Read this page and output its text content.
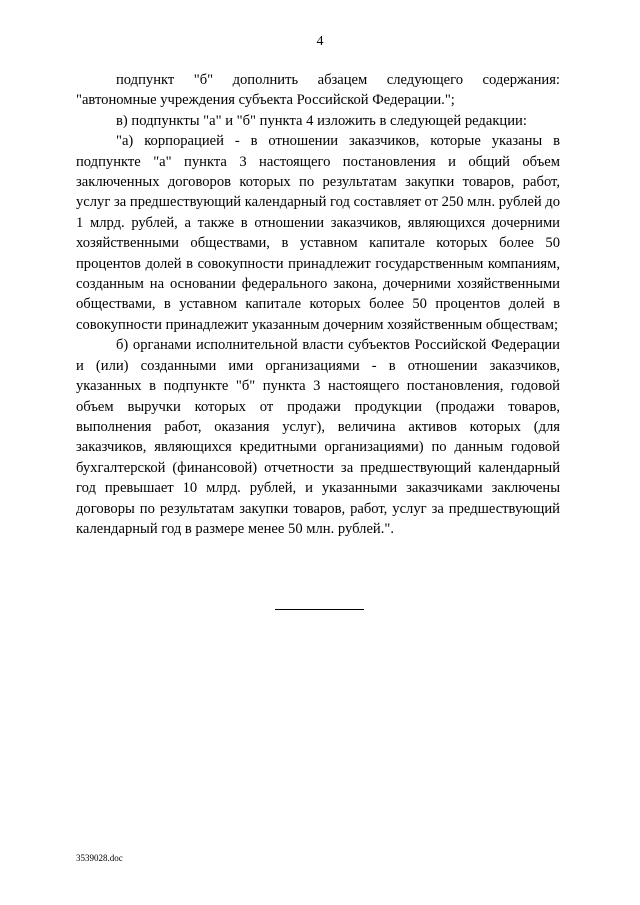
4

подпункт "б" дополнить абзацем следующего содержания: "автономные учреждения субъекта Российской Федерации.";

в) подпункты "а" и "б" пункта 4 изложить в следующей редакции:

"а) корпорацией - в отношении заказчиков, которые указаны в подпункте "а" пункта 3 настоящего постановления и общий объем заключенных договоров которых по результатам закупки товаров, работ, услуг за предшествующий календарный год составляет от 250 млн. рублей до 1 млрд. рублей, а также в отношении заказчиков, являющихся дочерними хозяйственными обществами, в уставном капитале которых более 50 процентов долей в совокупности принадлежит государственным компаниям, созданным на основании федерального закона, дочерними хозяйственными обществами, в уставном капитале которых более 50 процентов долей в совокупности принадлежит указанным дочерним хозяйственным обществам;

б) органами исполнительной власти субъектов Российской Федерации и (или) созданными ими организациями - в отношении заказчиков, указанных в подпункте "б" пункта 3 настоящего постановления, годовой объем выручки которых от продажи продукции (продажи товаров, выполнения работ, оказания услуг), величина активов которых (для заказчиков, являющихся кредитными организациями) по данным годовой бухгалтерской (финансовой) отчетности за предшествующий календарный год превышает 10 млрд. рублей, и указанными заказчиками заключены договоры по результатам закупки товаров, работ, услуг за предшествующий календарный год в размере менее 50 млн. рублей.".

3539028.doc
